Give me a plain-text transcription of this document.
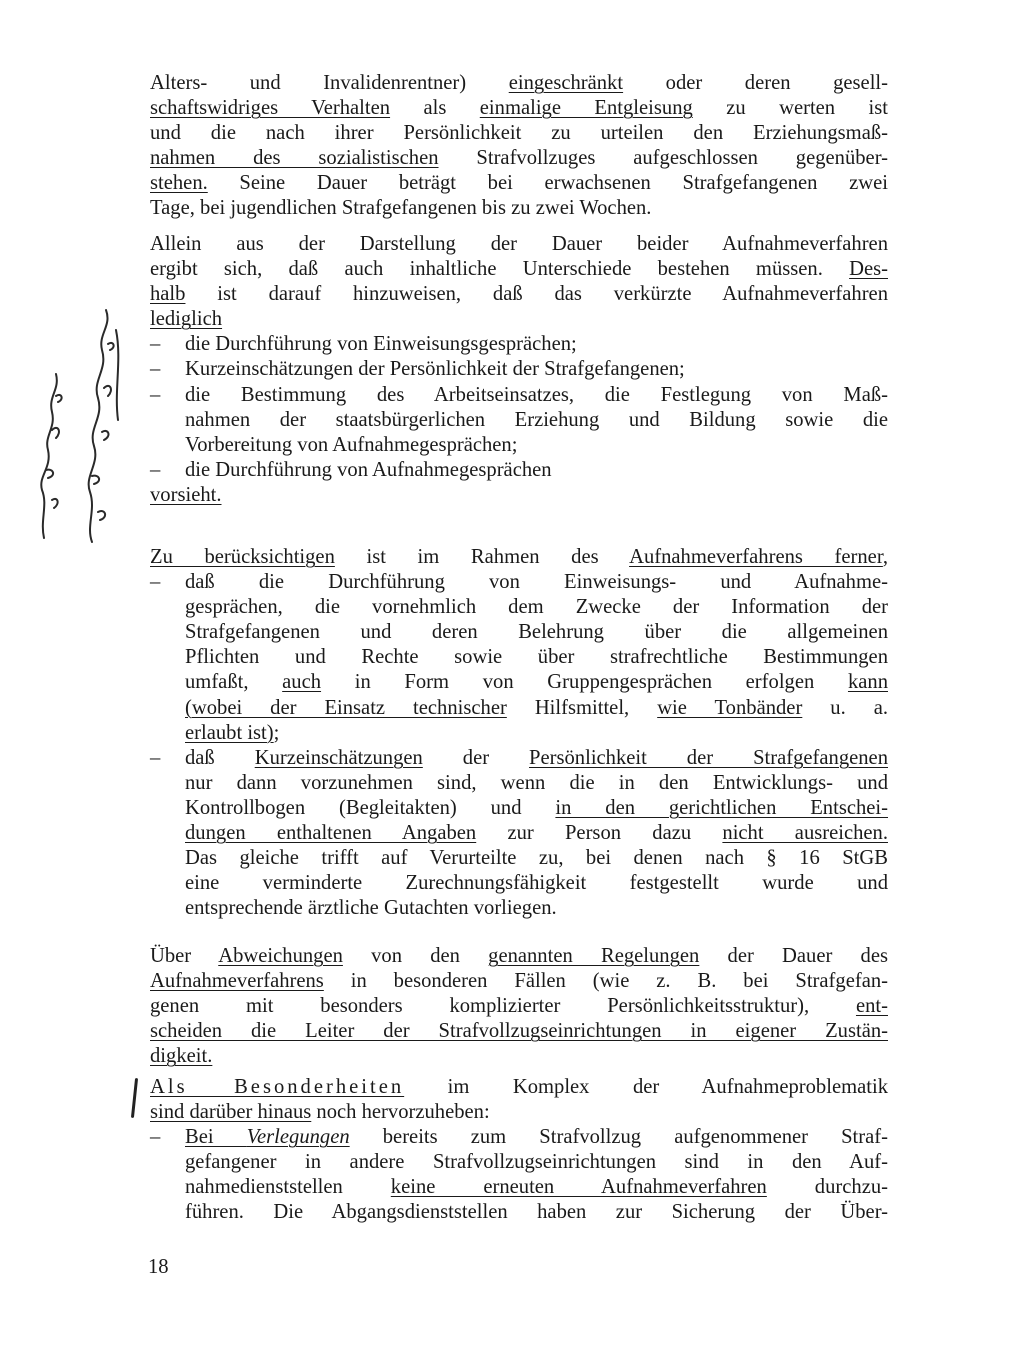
Alters- und Invalidenrentner) eingeschränkt oder deren gesell-
schaftswidriges Verhalten als einmalige Entgleisung zu werten ist
und die nach ihrer Persönlichkeit zu urteilen den Erziehungsmaß-
nahmen des sozialistischen Strafvollzuges aufgeschlossen gegenüber-
stehen. Seine Dauer beträgt bei erwachsenen Strafgefangenen zwei
Tage, bei jugendlichen Strafgefangenen bis zu zwei Wochen.
Allein aus der Darstellung der Dauer beider Aufnahmeverfahren
ergibt sich, daß auch inhaltliche Unterschiede bestehen müssen. Des-
halb ist darauf hinzuweisen, daß das verkürzte Aufnahmeverfahren
lediglich
–	die Durchführung von Einweisungsgesprächen;
–	Kurzeinschätzungen der Persönlichkeit der Strafgefangenen;
–	die Bestimmung des Arbeitseinsatzes, die Festlegung von Maß-
nahmen der staatsbürgerlichen Erziehung und Bildung sowie die
Vorbereitung von Aufnahmegesprächen;
–	die Durchführung von Aufnahmegesprächen
vorsieht.
Zu berücksichtigen ist im Rahmen des Aufnahmeverfahrens ferner,
–	daß die Durchführung von Einweisungs- und Aufnahme-
gesprächen, die vornehmlich dem Zwecke der Information der
Strafgefangenen und deren Belehrung über die allgemeinen
Pflichten und Rechte sowie über strafrechtliche Bestimmungen
umfaßt, auch in Form von Gruppengesprächen erfolgen kann
(wobei der Einsatz technischer Hilfsmittel, wie Tonbänder u. a.
erlaubt ist);
–	daß Kurzeinschätzungen der Persönlichkeit der Strafgefangenen
nur dann vorzunehmen sind, wenn die in den Entwicklungs- und
Kontrollbogen (Begleitakten) und in den gerichtlichen Entschei-
dungen enthaltenen Angaben zur Person dazu nicht ausreichen.
Das gleiche trifft auf Verurteilte zu, bei denen nach § 16 StGB
eine verminderte Zurechnungsfähigkeit festgestellt wurde und
entsprechende ärztliche Gutachten vorliegen.
Über Abweichungen von den genannten Regelungen der Dauer des
Aufnahmeverfahrens in besonderen Fällen (wie z. B. bei Strafgefan-
genen mit besonders komplizierter Persönlichkeitsstruktur), ent-
scheiden die Leiter der Strafvollzugseinrichtungen in eigener Zustän-
digkeit.
Als Besonderheiten im Komplex der Aufnahmeproblematik
sind darüber hinaus noch hervorzuheben:
–	Bei Verlegungen bereits zum Strafvollzug aufgenommener Straf-
gefangener in andere Strafvollzugseinrichtungen sind in den Auf-
nahmedienststellen keine erneuten Aufnahmeverfahren durchzu-
führen. Die Abgangsdienststellen haben zur Sicherung der Über-
18
